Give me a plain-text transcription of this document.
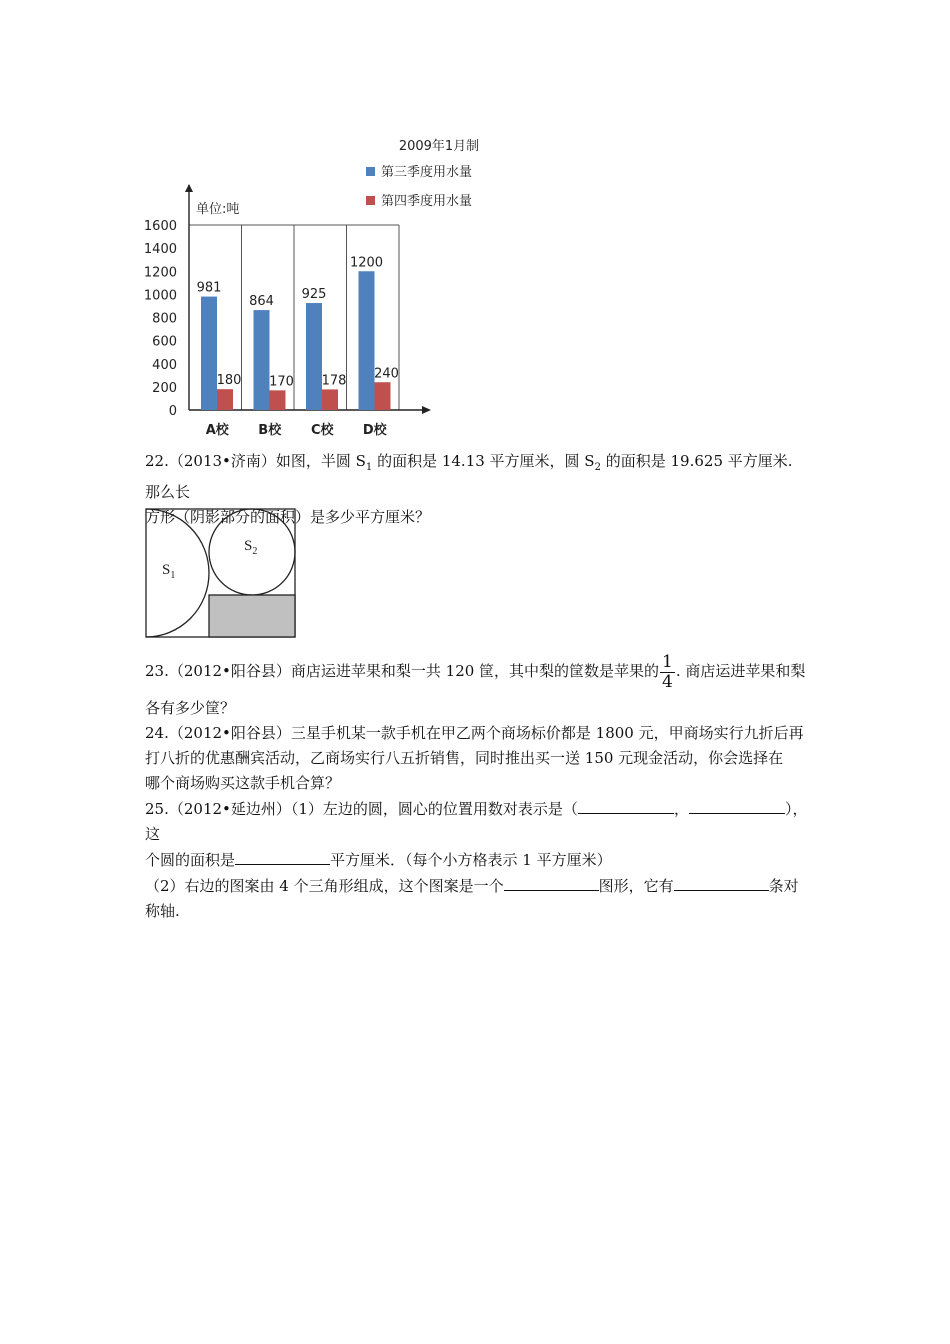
0
200
400
600
800
1000
1200
1400
1600
2009年1月制
第三季度用水量
第四季度用水量
单位:吨
981
180
A校
864
170
B校
925
178
C校
1200
240
D校
22.（2013•济南）如图，半圆 $S_1$ 的面积是 14.13 平方厘米，圆 $S_2$ 的面积是 19.625 平方厘米. 那么长
方形（阴影部分的面积）是多少平方厘米？
$S_1$
$S_2$
23.（2012•阳谷县）商店运进苹果和梨一共 120 筐，其中梨的筐数是苹果的 $\frac{1}{4}$ . 商店运进苹果和梨
各有多少筐？
24.（2012•阳谷县）三星手机某一款手机在甲乙两个商场标价都是 1800 元，甲商场实行九折后再
打八折的优惠酬宾活动，乙商场实行八五折销售，同时推出买一送 150 元现金活动，你会选择在
哪个商场购买这款手机合算？
25.（2012•延边州）（1）左边的圆，圆心的位置用数对表示是（	，	），这
个圆的面积是	平方厘米．（每个小方格表示 1 平方厘米）
（2）右边的图案由 4 个三角形组成，这个图案是一个	图形，它有	条对
称轴.
